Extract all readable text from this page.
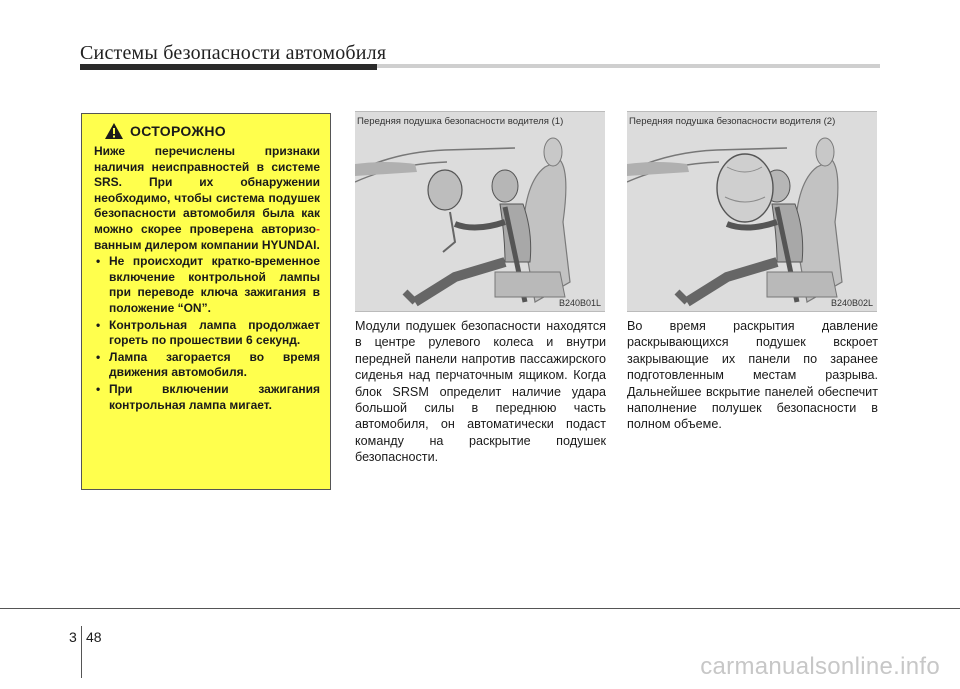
Системы безопасности автомобиля
ОСТОРОЖНО

Ниже перечислены признаки наличия неисправностей в системе SRS. При их обнаружении необходимо, чтобы система подушек безопасности автомобиля была как можно скорее проверена авторизо- ванным дилером компании HYUNDAI.

• Не происходит кратко-временное включение контрольной лампы при переводе ключа зажигания в положение “ON”.
• Контрольная лампа продолжает гореть по прошествии 6 секунд.
• Лампа загорается во время движения автомобиля.
• При включении зажигания контрольная лампа мигает.
Передняя подушка безопасности водителя (1)
B240B01L
Передняя подушка безопасности водителя (2)
B240B02L

Модули подушек безопасности находятся в центре рулевого колеса и внутри передней панели напротив пассажирского сиденья над перчаточным ящиком. Когда блок SRSM определит наличие удара большой силы в переднюю часть автомобиля, он автоматически подаст команду на раскрытие подушек безопасности.

Во время раскрытия давление раскрывающихся подушек вскроет закрывающие их панели по заранее подготовленным местам разрыва. Дальнейшее вскрытие панелей обеспечит наполнение полушек безопасности в полном объеме.

3 48
carmanualsonline.info
